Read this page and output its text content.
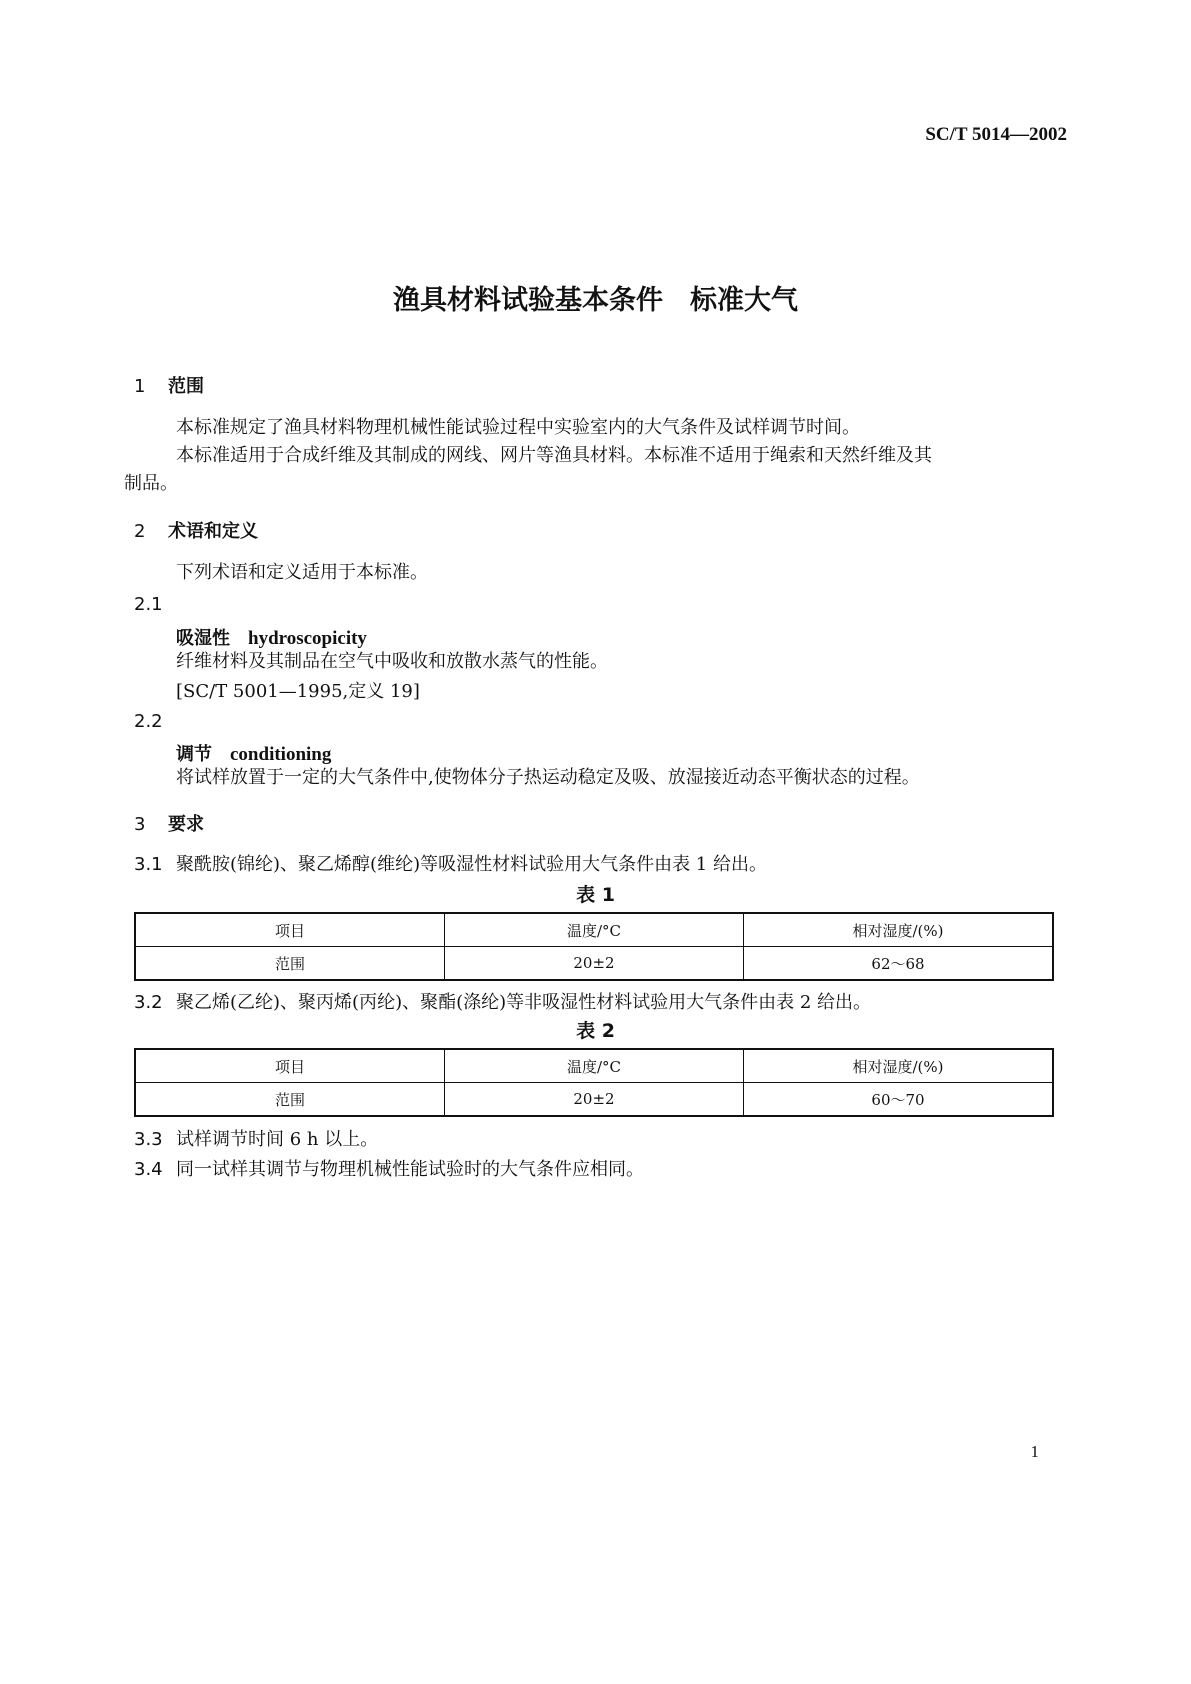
SC/T 5014—2002
渔具材料试验基本条件　标准大气
1 范围
本标准规定了渔具材料物理机械性能试验过程中实验室内的大气条件及试样调节时间。
本标准适用于合成纤维及其制成的网线、网片等渔具材料。本标准不适用于绳索和天然纤维及其
制品。
2 术语和定义
下列术语和定义适用于本标准。
2.1
吸湿性 hydroscopicity
纤维材料及其制品在空气中吸收和放散水蒸气的性能。
[SC/T 5001—1995,定义 19]
2.2
调节 conditioning
将试样放置于一定的大气条件中,使物体分子热运动稳定及吸、放湿接近动态平衡状态的过程。
3 要求
3.1 聚酰胺(锦纶)、聚乙烯醇(维纶)等吸湿性材料试验用大气条件由表 1 给出。
表 1
项目	温度/°C	相对湿度/(%)
范围	20±2	62～68
3.2 聚乙烯(乙纶)、聚丙烯(丙纶)、聚酯(涤纶)等非吸湿性材料试验用大气条件由表 2 给出。
表 2
项目	温度/°C	相对湿度/(%)
范围	20±2	60～70
3.3 试样调节时间 6 h 以上。
3.4 同一试样其调节与物理机械性能试验时的大气条件应相同。
1
